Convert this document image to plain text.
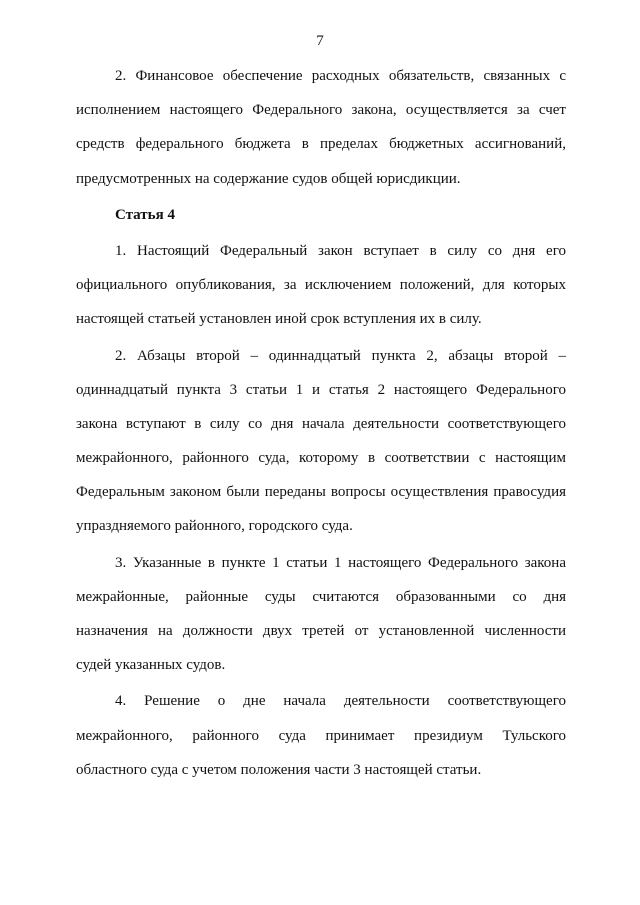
7
2. Финансовое обеспечение расходных обязательств, связанных с
исполнением настоящего Федерального закона, осуществляется за счет
средств федерального бюджета в пределах бюджетных ассигнований,
предусмотренных на содержание судов общей юрисдикции.
Статья 4
1. Настоящий Федеральный закон вступает в силу со дня его
официального опубликования, за исключением положений, для которых
настоящей статьей установлен иной срок вступления их в силу.
2. Абзацы второй – одиннадцатый пункта 2, абзацы второй –
одиннадцатый пункта 3 статьи 1 и статья 2 настоящего Федерального
закона вступают в силу со дня начала деятельности соответствующего
межрайонного, районного суда, которому в соответствии с настоящим
Федеральным законом были переданы вопросы осуществления правосудия
упраздняемого районного, городского суда.
3. Указанные в пункте 1 статьи 1 настоящего Федерального закона
межрайонные, районные суды считаются образованными со дня
назначения на должности двух третей от установленной численности
судей указанных судов.
4. Решение о дне начала деятельности соответствующего
межрайонного, районного суда принимает президиум Тульского
областного суда с учетом положения части 3 настоящей статьи.
